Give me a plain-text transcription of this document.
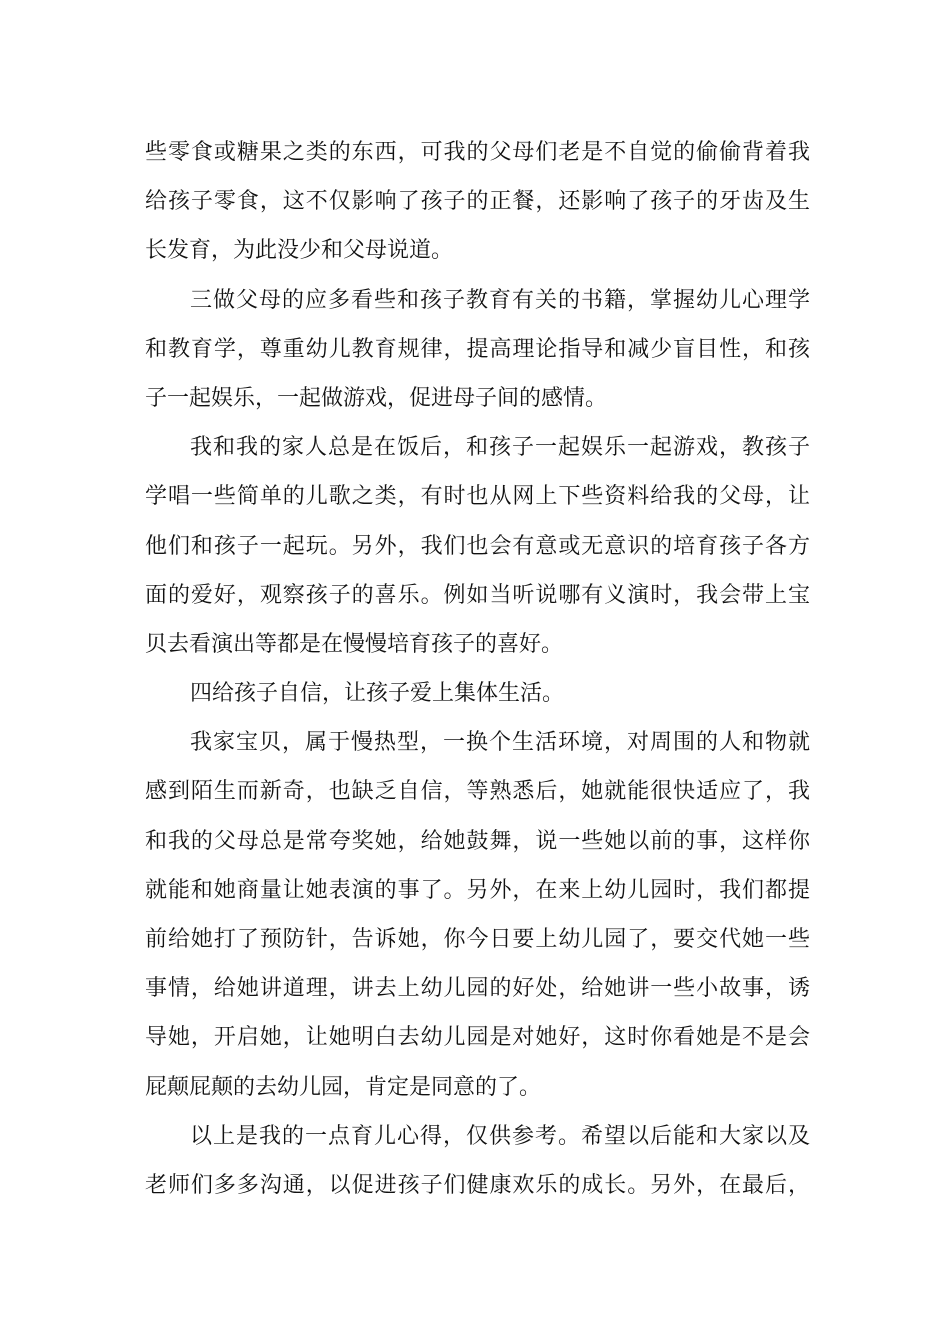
些零食或糖果之类的东西，可我的父母们老是不自觉的偷偷背着我
给孩子零食，这不仅影响了孩子的正餐，还影响了孩子的牙齿及生
长发育，为此没少和父母说道。
三做父母的应多看些和孩子教育有关的书籍，掌握幼儿心理学
和教育学，尊重幼儿教育规律，提高理论指导和减少盲目性，和孩
子一起娱乐，一起做游戏，促进母子间的感情。
我和我的家人总是在饭后，和孩子一起娱乐一起游戏，教孩子
学唱一些简单的儿歌之类，有时也从网上下些资料给我的父母，让
他们和孩子一起玩。另外，我们也会有意或无意识的培育孩子各方
面的爱好，观察孩子的喜乐。例如当听说哪有义演时，我会带上宝
贝去看演出等都是在慢慢培育孩子的喜好。
四给孩子自信，让孩子爱上集体生活。
我家宝贝，属于慢热型，一换个生活环境，对周围的人和物就
感到陌生而新奇，也缺乏自信，等熟悉后，她就能很快适应了，我
和我的父母总是常夸奖她，给她鼓舞，说一些她以前的事，这样你
就能和她商量让她表演的事了。另外，在来上幼儿园时，我们都提
前给她打了预防针，告诉她，你今日要上幼儿园了，要交代她一些
事情，给她讲道理，讲去上幼儿园的好处，给她讲一些小故事，诱
导她，开启她，让她明白去幼儿园是对她好，这时你看她是不是会
屁颠屁颠的去幼儿园，肯定是同意的了。
以上是我的一点育儿心得，仅供参考。希望以后能和大家以及
老师们多多沟通，以促进孩子们健康欢乐的成长。另外，在最后，
